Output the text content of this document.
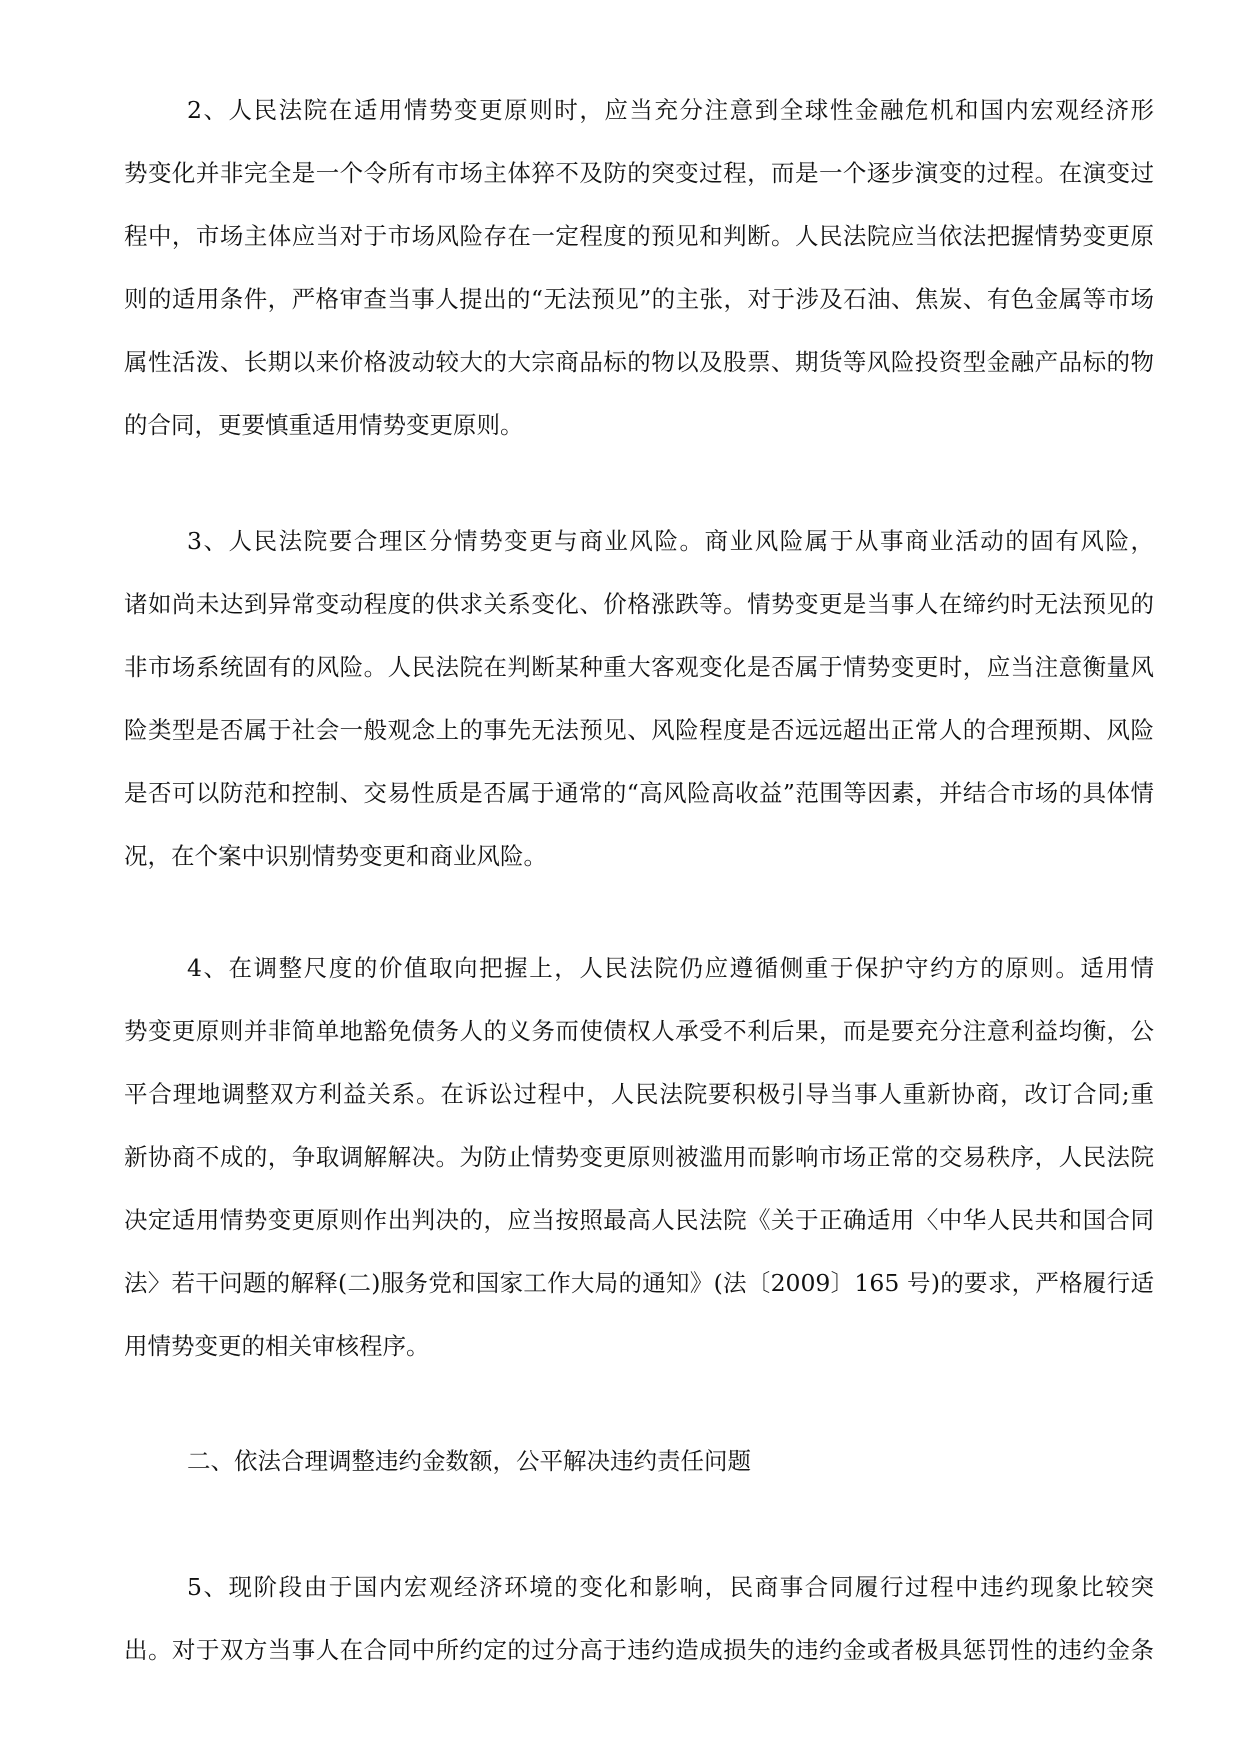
2、人民法院在适用情势变更原则时，应当充分注意到全球性金融危机和国内宏观经济形
势变化并非完全是一个令所有市场主体猝不及防的突变过程，而是一个逐步演变的过程。在演变过
程中，市场主体应当对于市场风险存在一定程度的预见和判断。人民法院应当依法把握情势变更原
则的适用条件，严格审查当事人提出的“无法预见”的主张，对于涉及石油、焦炭、有色金属等市场
属性活泼、长期以来价格波动较大的大宗商品标的物以及股票、期货等风险投资型金融产品标的物
的合同，更要慎重适用情势变更原则。
3、人民法院要合理区分情势变更与商业风险。商业风险属于从事商业活动的固有风险，
诸如尚未达到异常变动程度的供求关系变化、价格涨跌等。情势变更是当事人在缔约时无法预见的
非市场系统固有的风险。人民法院在判断某种重大客观变化是否属于情势变更时，应当注意衡量风
险类型是否属于社会一般观念上的事先无法预见、风险程度是否远远超出正常人的合理预期、风险
是否可以防范和控制、交易性质是否属于通常的“高风险高收益”范围等因素，并结合市场的具体情
况，在个案中识别情势变更和商业风险。
4、在调整尺度的价值取向把握上，人民法院仍应遵循侧重于保护守约方的原则。适用情
势变更原则并非简单地豁免债务人的义务而使债权人承受不利后果，而是要充分注意利益均衡，公
平合理地调整双方利益关系。在诉讼过程中，人民法院要积极引导当事人重新协商，改订合同;重
新协商不成的，争取调解解决。为防止情势变更原则被滥用而影响市场正常的交易秩序，人民法院
决定适用情势变更原则作出判决的，应当按照最高人民法院《关于正确适用〈中华人民共和国合同
法〉若干问题的解释(二)服务党和国家工作大局的通知》(法〔2009〕165 号)的要求，严格履行适
用情势变更的相关审核程序。
二、依法合理调整违约金数额，公平解决违约责任问题
5、现阶段由于国内宏观经济环境的变化和影响，民商事合同履行过程中违约现象比较突
出。对于双方当事人在合同中所约定的过分高于违约造成损失的违约金或者极具惩罚性的违约金条
